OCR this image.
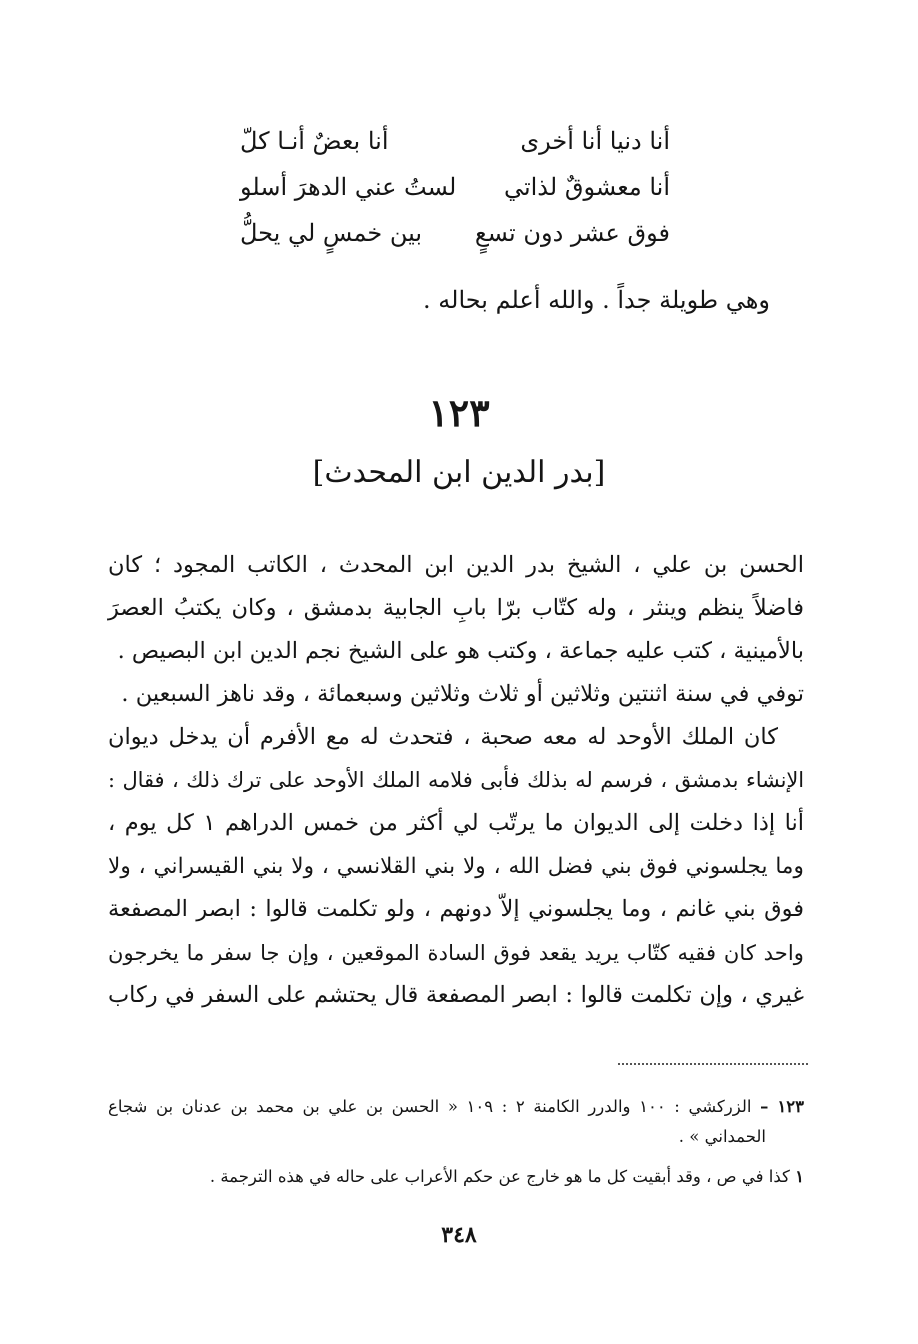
أنا دنيا أنا أخرى
أنا بعضٌ أنـا كلّ
أنا معشوقٌ لذاتي
لستُ عني الدهرَ أسلو
فوق عشر دون تسعٍ
بين خمسٍ لي يحلُّ
وهي طويلة جداً . والله أعلم بحاله .
١٢٣
[بدر الدين ابن المحدث]
الحسن بن علي ، الشيخ بدر الدين ابن المحدث ، الكاتب المجود ؛ كان
فاضلاً ينظم وينثر ، وله كتّاب برّا بابِ الجابية بدمشق ، وكان يكتبُ العصرَ
بالأمينية ، كتب عليه جماعة ، وكتب هو على الشيخ نجم الدين ابن البصيص .
توفي في سنة اثنتين وثلاثين أو ثلاث وثلاثين وسبعمائة ، وقد ناهز السبعين .
كان الملك الأوحد له معه صحبة ، فتحدث له مع الأفرم أن يدخل ديوان
الإنشاء بدمشق ، فرسم له بذلك فأبى فلامه الملك الأوحد على ترك ذلك ، فقال :
أنا إذا دخلت إلى الديوان ما يرتّب لي أكثر من خمس الدراهم ١ كل يوم ،
وما يجلسوني فوق بني فضل الله ، ولا بني القلانسي ، ولا بني القيسراني ، ولا
فوق بني غانم ، وما يجلسوني إلاّ دونهم ، ولو تكلمت قالوا : ابصر المصفعة
واحد كان فقيه كتّاب يريد يقعد فوق السادة الموقعين ، وإن جا سفر ما يخرجون
غيري ، وإن تكلمت قالوا : ابصر المصفعة قال يحتشم على السفر في ركاب
١٢٣ – الزركشي : ١٠٠ والدرر الكامنة ٢ : ١٠٩ « الحسن بن علي بن محمد بن عدنان بن شجاع
الحمداني » .
١ كذا في ص ، وقد أبقيت كل ما هو خارج عن حكم الأعراب على حاله في هذه الترجمة .
٣٤٨
